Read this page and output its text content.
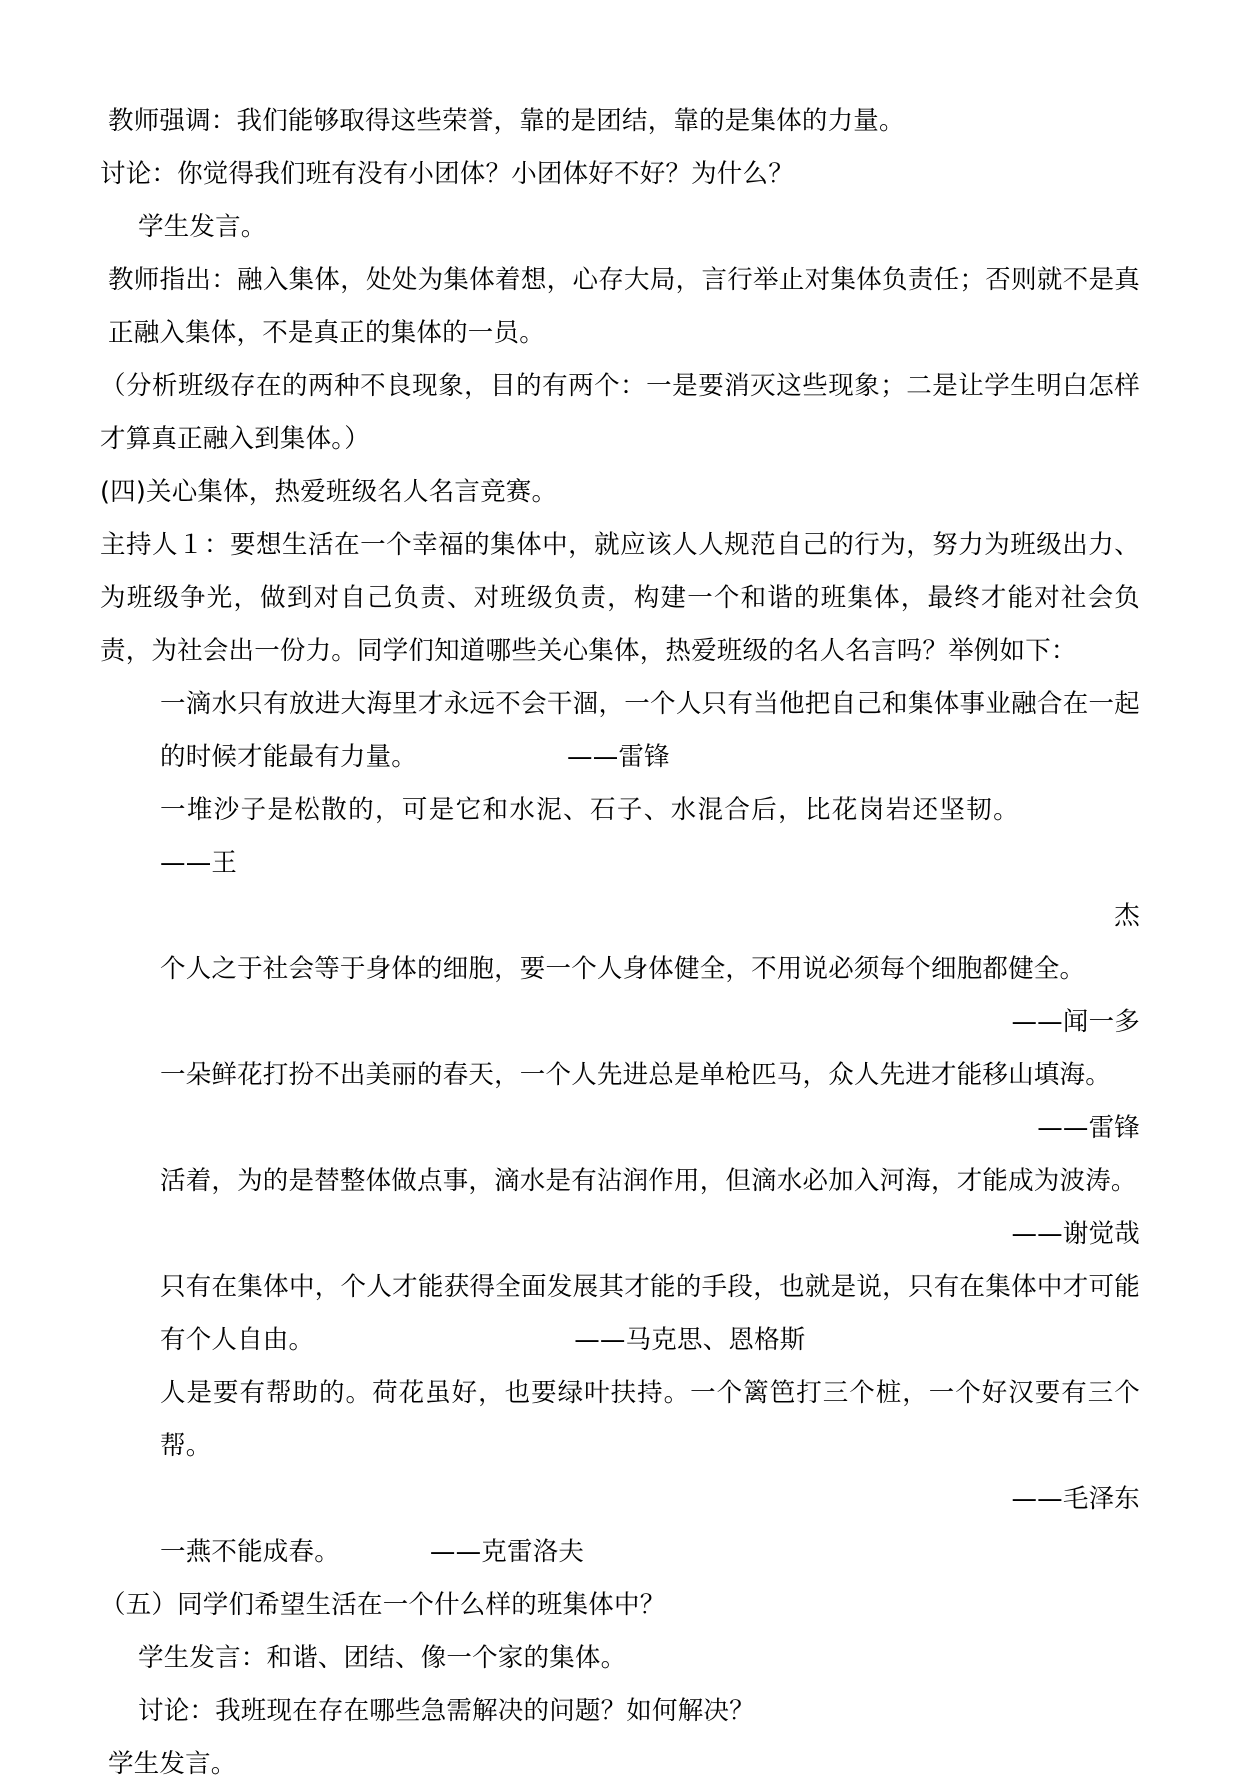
教师强调：我们能够取得这些荣誉，靠的是团结，靠的是集体的力量。

讨论：你觉得我们班有没有小团体？小团体好不好？为什么？

学生发言。

教师指出：融入集体，处处为集体着想，心存大局，言行举止对集体负责任；否则就不是真正融入集体，不是真正的集体的一员。

（分析班级存在的两种不良现象，目的有两个：一是要消灭这些现象；二是让学生明白怎样才算真正融入到集体。）

(四)关心集体，热爱班级名人名言竞赛。

主持人１：要想生活在一个幸福的集体中，就应该人人规范自己的行为，努力为班级出力、为班级争光，做到对自己负责、对班级负责，构建一个和谐的班集体，最终才能对社会负责，为社会出一份力。同学们知道哪些关心集体，热爱班级的名人名言吗？举例如下：

一滴水只有放进大海里才永远不会干涸，一个人只有当他把自己和集体事业融合在一起的时候才能最有力量。	——雷锋

一堆沙子是松散的，可是它和水泥、石子、水混合后，比花岗岩还坚韧。——王

杰

个人之于社会等于身体的细胞，要一个人身体健全，不用说必须每个细胞都健全。

——闻一多

一朵鲜花打扮不出美丽的春天，一个人先进总是单枪匹马，众人先进才能移山填海。

——雷锋

活着，为的是替整体做点事，滴水是有沾润作用，但滴水必加入河海，才能成为波涛。

——谢觉哉

只有在集体中，个人才能获得全面发展其才能的手段，也就是说，只有在集体中才可能有个人自由。	——马克思、恩格斯

人是要有帮助的。荷花虽好，也要绿叶扶持。一个篱笆打三个桩，一个好汉要有三个帮。

——毛泽东

一燕不能成春。	——克雷洛夫

（五）同学们希望生活在一个什么样的班集体中？

学生发言：和谐、团结、像一个家的集体。

讨论：我班现在存在哪些急需解决的问题？如何解决？

学生发言。
